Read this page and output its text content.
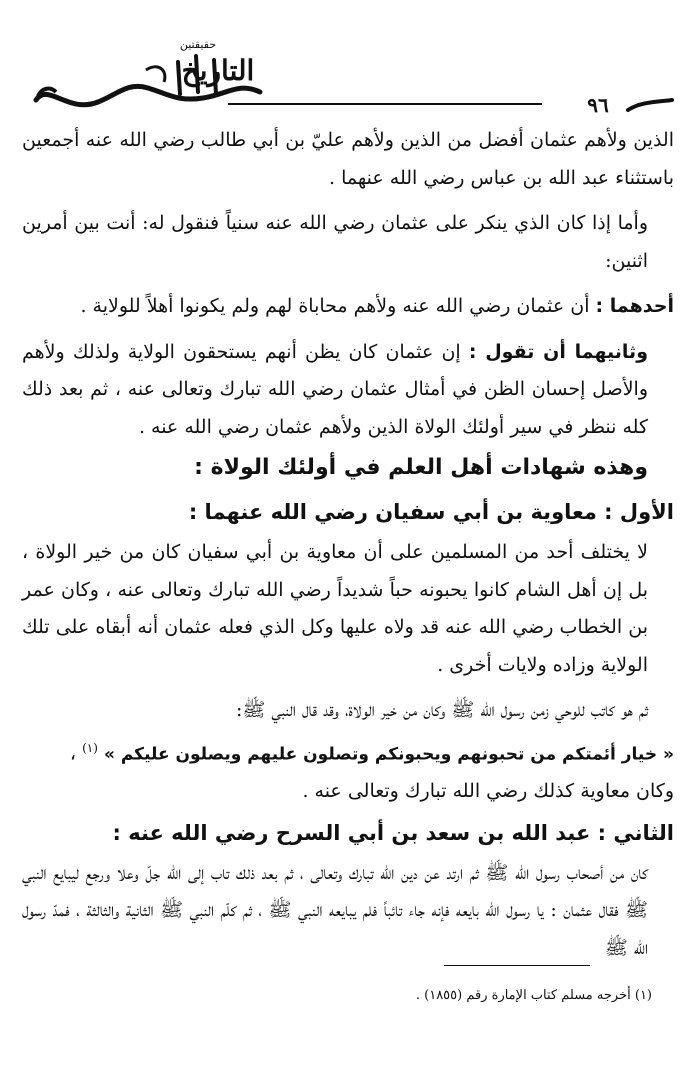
التاريخ
حقيقتين
٩٦

الذين ولأهم عثمان أفضل من الذين ولأهم عليّ بن أبي طالب رضي الله عنه أجمعين باستثناء عبد الله بن عباس رضي الله عنهما .

وأما إذا كان الذي ينكر على عثمان رضي الله عنه سنياً فنقول له: أنت بين أمرين اثنين:

أحدهما : أن عثمان رضي الله عنه ولأهم محاباة لهم ولم يكونوا أهلاً للولاية .

وثانيهما أن تقول : إن عثمان كان يظن أنهم يستحقون الولاية ولذلك ولأهم والأصل إحسان الظن في أمثال عثمان رضي الله تبارك وتعالى عنه ، ثم بعد ذلك كله ننظر في سير أولئك الولاة الذين ولأهم عثمان رضي الله عنه .

وهذه شهادات أهل العلم في أولئك الولاة :

الأول : معاوية بن أبي سفيان رضي الله عنهما :

لا يختلف أحد من المسلمين على أن معاوية بن أبي سفيان كان من خير الولاة ، بل إن أهل الشام كانوا يحبونه حباً شديداً رضي الله تبارك وتعالى عنه ، وكان عمر بن الخطاب رضي الله عنه قد ولاه عليها وكل الذي فعله عثمان أنه أبقاه على تلك الولاية وزاده ولايات أخرى .

ثم هو كاتب للوحي زمن رسول الله ﷺ وكان من خير الولاة، وقد قال النبي ﷺ:

« خيار أئمتكم من تحبونهم ويحبونكم وتصلون عليهم ويصلون عليكم » $^{(١)}$ ،

وكان معاوية كذلك رضي الله تبارك وتعالى عنه .

الثاني : عبد الله بن سعد بن أبي السرح رضي الله عنه :

كان من أصحاب رسول الله ﷺ ثم ارتد عن دين الله تبارك وتعالى ، ثم بعد ذلك تاب إلى الله جلّ وعلا ورجع ليبايع النبي ﷺ فقال عثمان : يا رسول الله بايعه فإنه جاء تائباً فلم يبايعه النبي ﷺ ، ثم كلّم النبي ﷺ الثانية والثالثة ، فمدّ رسول الله ﷺ

(١) أخرجه مسلم كتاب الإمارة رقم (١٨٥٥) .
